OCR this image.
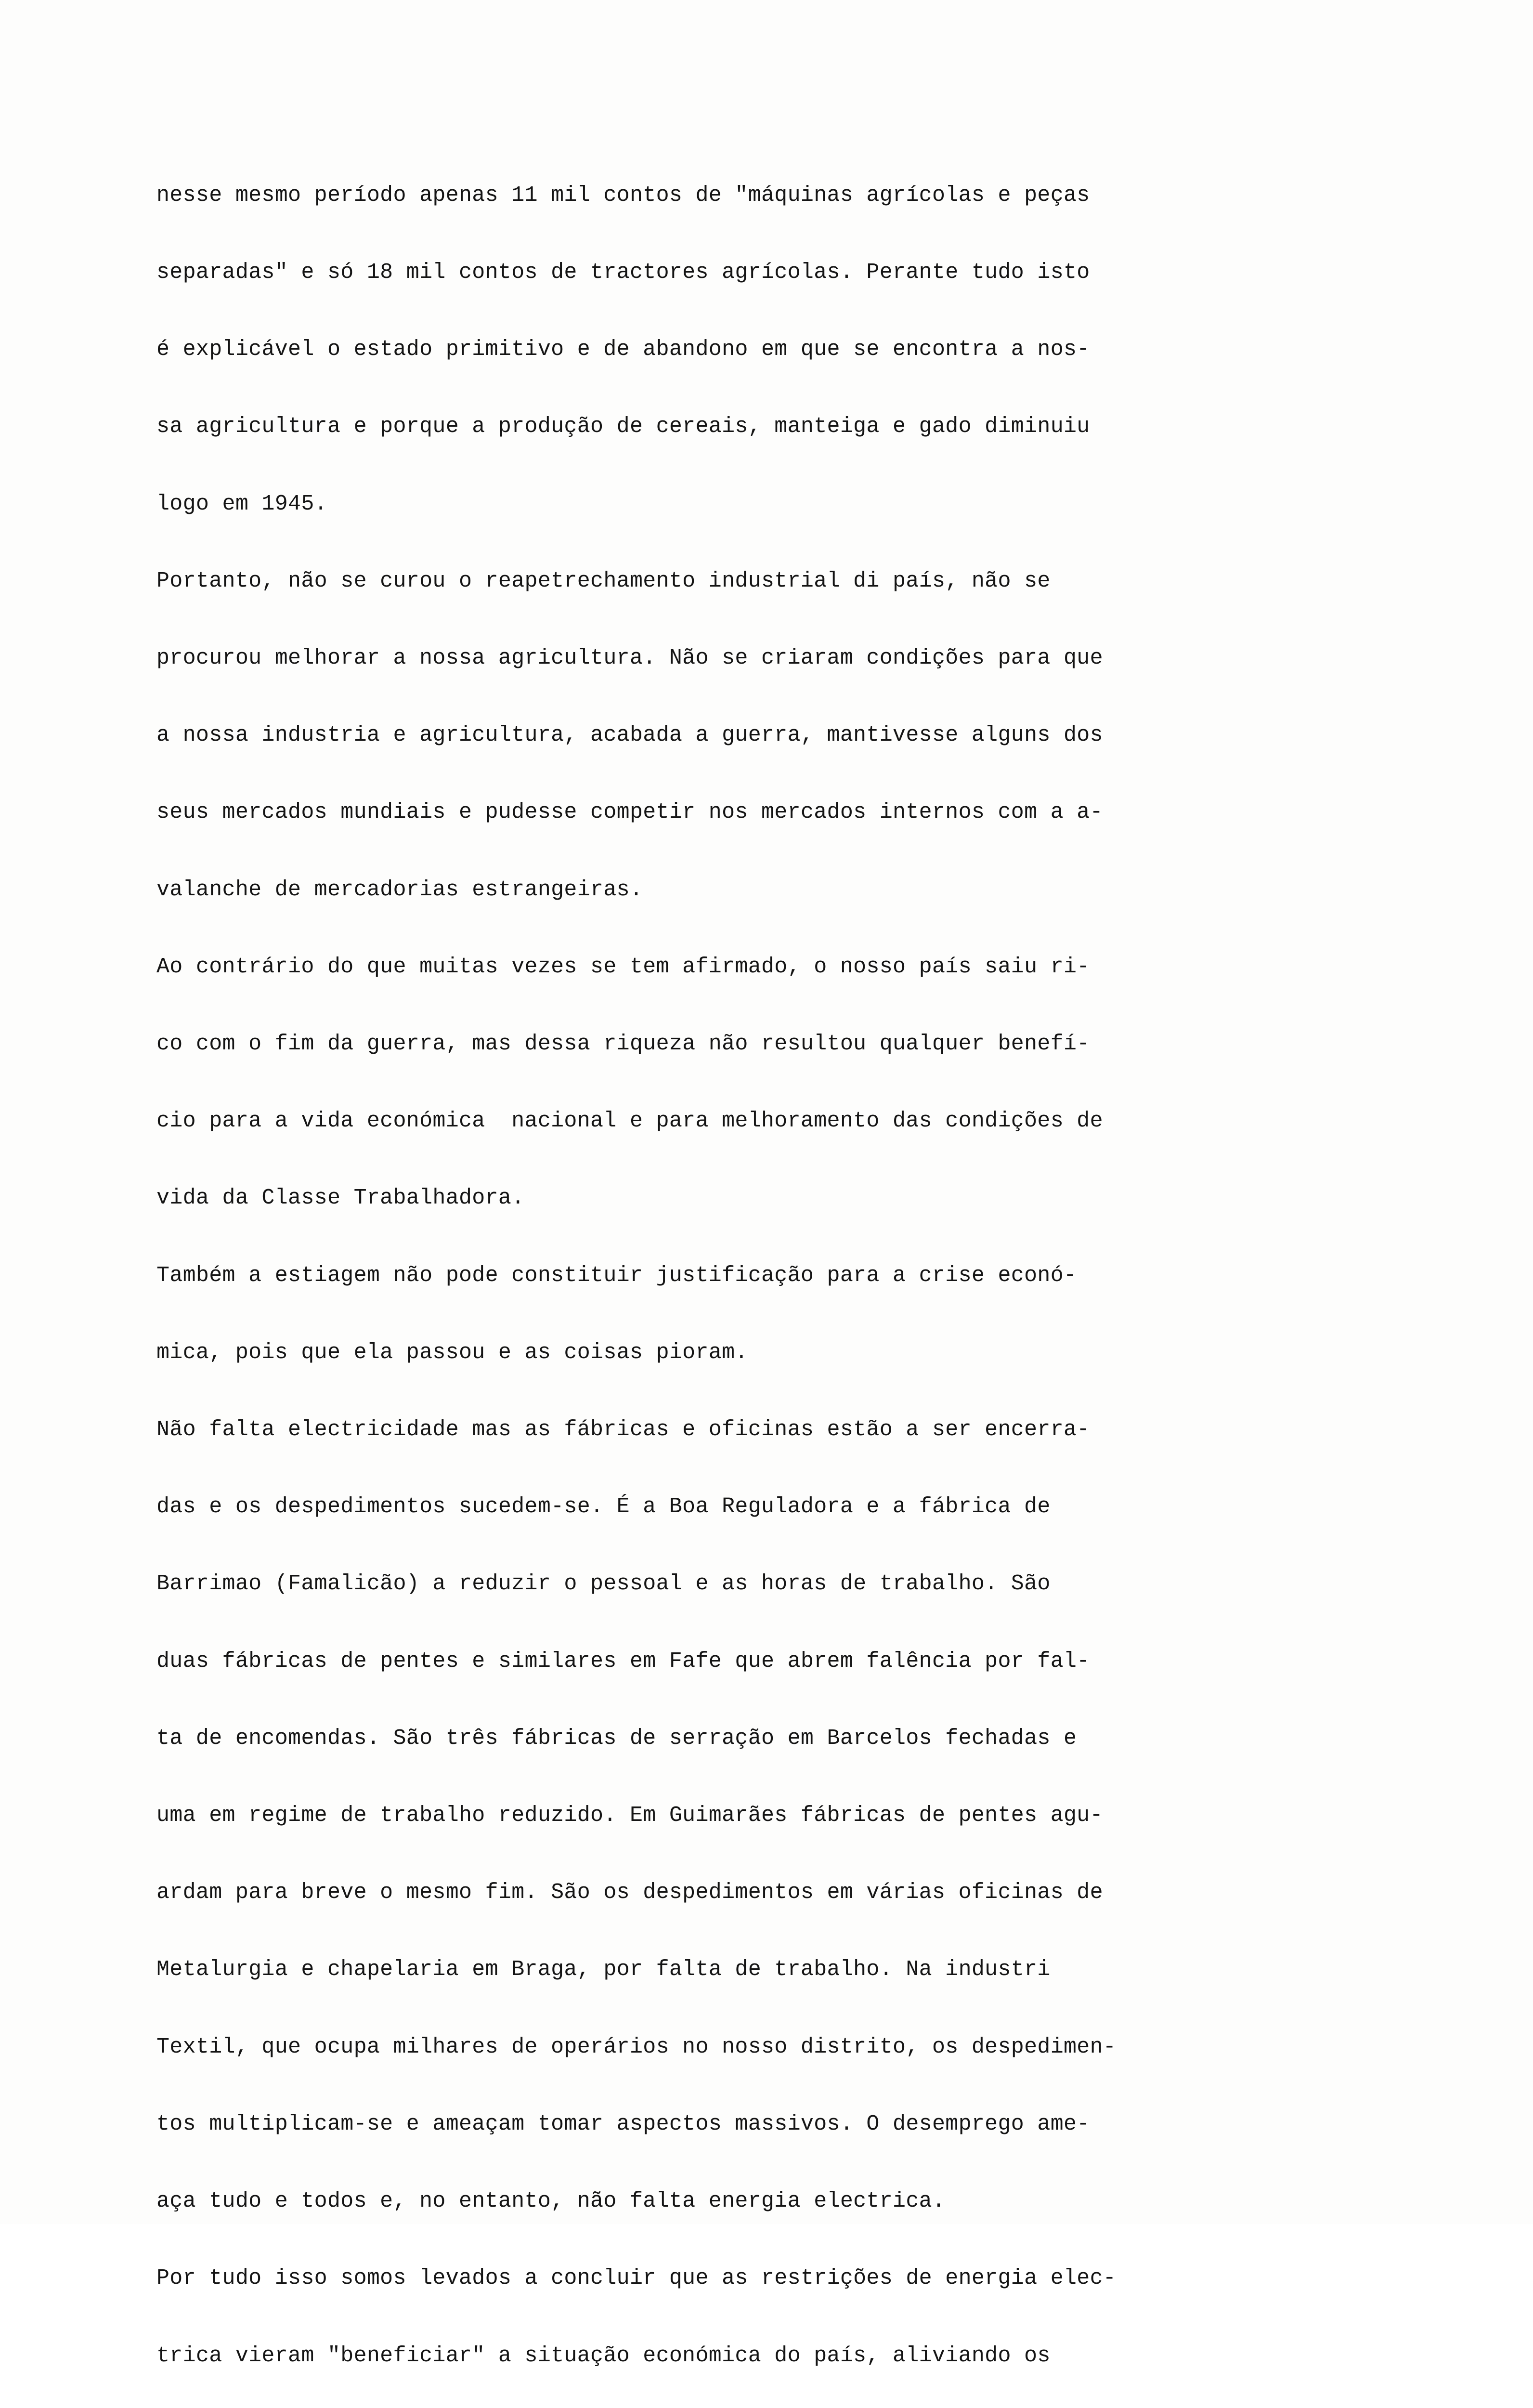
nesse mesmo período apenas 11 mil contos de "máquinas agrícolas e peças

separadas" e só 18 mil contos de tractores agrícolas. Perante tudo isto

é explicável o estado primitivo e de abandono em que se encontra a nos-

sa agricultura e porque a produção de cereais, manteiga e gado diminuiu

logo em 1945.

Portanto, não se curou o reapetrechamento industrial di país, não se

procurou melhorar a nossa agricultura. Não se criaram condições para que

a nossa industria e agricultura, acabada a guerra, mantivesse alguns dos

seus mercados mundiais e pudesse competir nos mercados internos com a a-

valanche de mercadorias estrangeiras.

Ao contrário do que muitas vezes se tem afirmado, o nosso país saiu ri-

co com o fim da guerra, mas dessa riqueza não resultou qualquer benefí-

cio para a vida económica  nacional e para melhoramento das condições de

vida da Classe Trabalhadora.

Também a estiagem não pode constituir justificação para a crise econó-

mica, pois que ela passou e as coisas pioram.

Não falta electricidade mas as fábricas e oficinas estão a ser encerra-

das e os despedimentos sucedem-se. É a Boa Reguladora e a fábrica de

Barrimao (Famalicão) a reduzir o pessoal e as horas de trabalho. São

duas fábricas de pentes e similares em Fafe que abrem falência por fal-

ta de encomendas. São três fábricas de serração em Barcelos fechadas e

uma em regime de trabalho reduzido. Em Guimarães fábricas de pentes agu-

ardam para breve o mesmo fim. São os despedimentos em várias oficinas de

Metalurgia e chapelaria em Braga, por falta de trabalho. Na industri

Textil, que ocupa milhares de operários no nosso distrito, os despedimen-

tos multiplicam-se e ameaçam tomar aspectos massivos. O desemprego ame-

aça tudo e todos e, no entanto, não falta energia electrica.

Por tudo isso somos levados a concluir que as restrições de energia elec-

trica vieram "beneficiar" a situação económica do país, aliviando os
